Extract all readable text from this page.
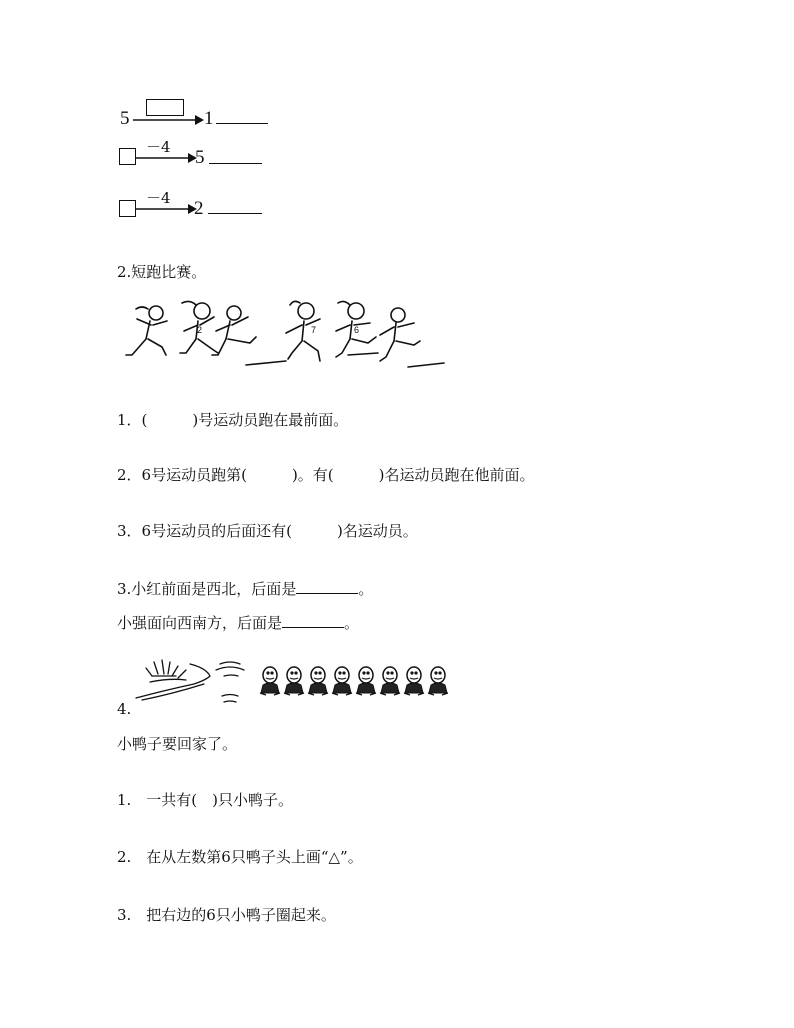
5	1
－4 5
－4 2
2.短跑比赛。
2	7	6
1．(　　　)号运动员跑在最前面。
2．6号运动员跑第(　　　)。有(　　　)名运动员跑在他前面。
3．6号运动员的后面还有(　　　)名运动员。
3.小红前面是西北，后面是	。
小强面向西南方，后面是	。
4.
小鸭子要回家了。
1.　一共有(　)只小鸭子。
2.　在从左数第6只鸭子头上画“△”。
3.　把右边的6只小鸭子圈起来。
